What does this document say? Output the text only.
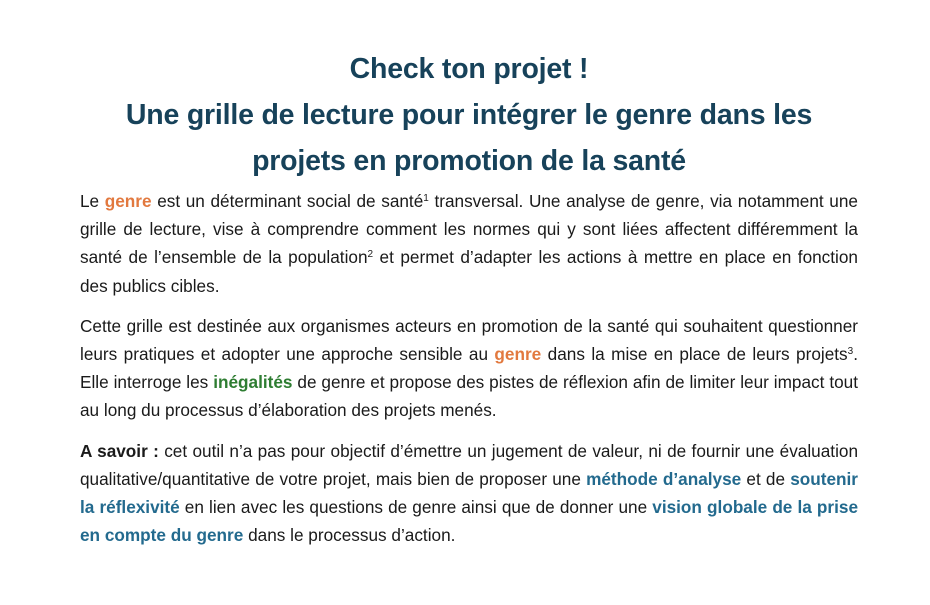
Check ton projet !
Une grille de lecture pour intégrer le genre dans les
projets en promotion de la santé

Le genre est un déterminant social de santé$^1$ transversal. Une analyse de genre, via notamment une grille de lecture, vise à comprendre comment les normes qui y sont liées affectent différemment la santé de l’ensemble de la population$^2$ et permet d’adapter les actions à mettre en place en fonction des publics cibles.

Cette grille est destinée aux organismes acteurs en promotion de la santé qui souhaitent questionner leurs pratiques et adopter une approche sensible au genre dans la mise en place de leurs projets$^3$. Elle interroge les inégalités de genre et propose des pistes de réflexion afin de limiter leur impact tout au long du processus d’élaboration des projets menés.

A savoir : cet outil n’a pas pour objectif d’émettre un jugement de valeur, ni de fournir une évaluation qualitative/quantitative de votre projet, mais bien de proposer une méthode d’analyse et de soutenir la réflexivité en lien avec les questions de genre ainsi que de donner une vision globale de la prise en compte du genre dans le processus d’action.
